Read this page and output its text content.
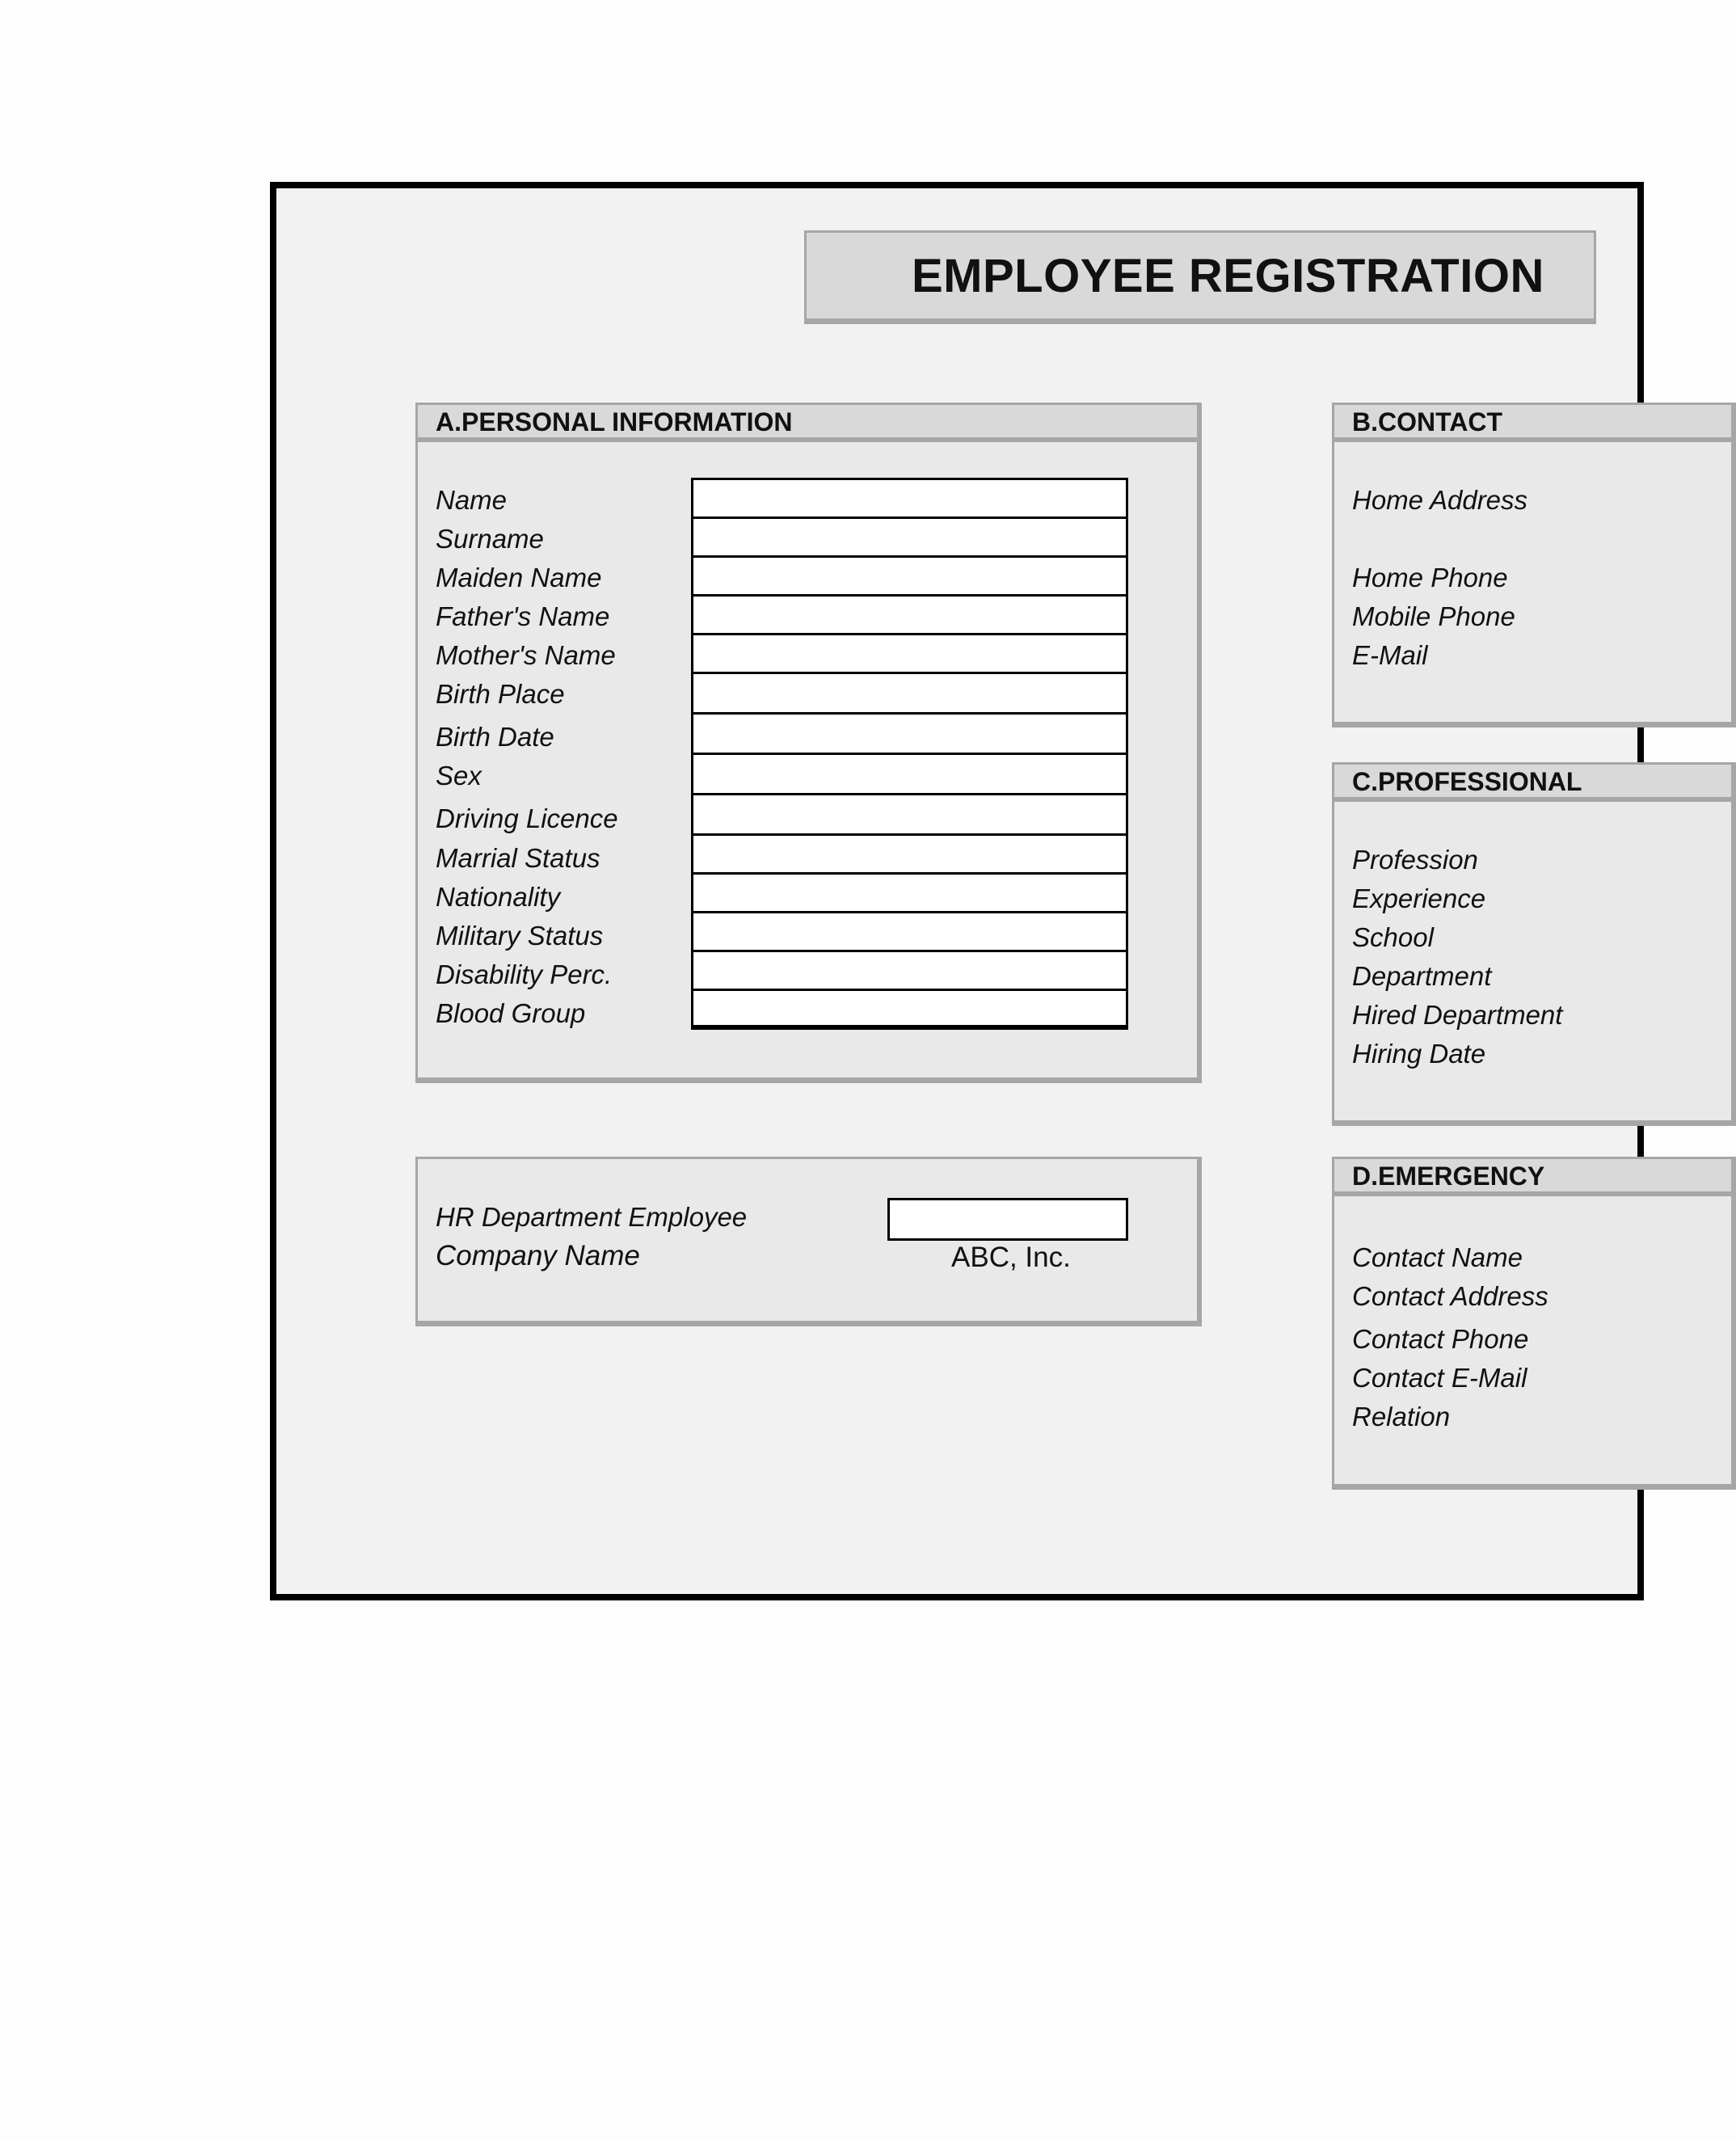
EMPLOYEE REGISTRATION
A.PERSONAL INFORMATION
Name
Surname
Maiden Name
Father's Name
Mother's Name
Birth Place
Birth Date
Sex
Driving Licence
Marrial Status
Nationality
Military Status
Disability Perc.
Blood Group
HR Department Employee
Company Name	ABC, Inc.
B.CONTACT
Home Address
Home Phone
Mobile Phone
E-Mail
C.PROFESSIONAL
Profession
Experience
School
Department
Hired Department
Hiring Date
D.EMERGENCY
Contact Name
Contact Address
Contact Phone
Contact E-Mail
Relation
